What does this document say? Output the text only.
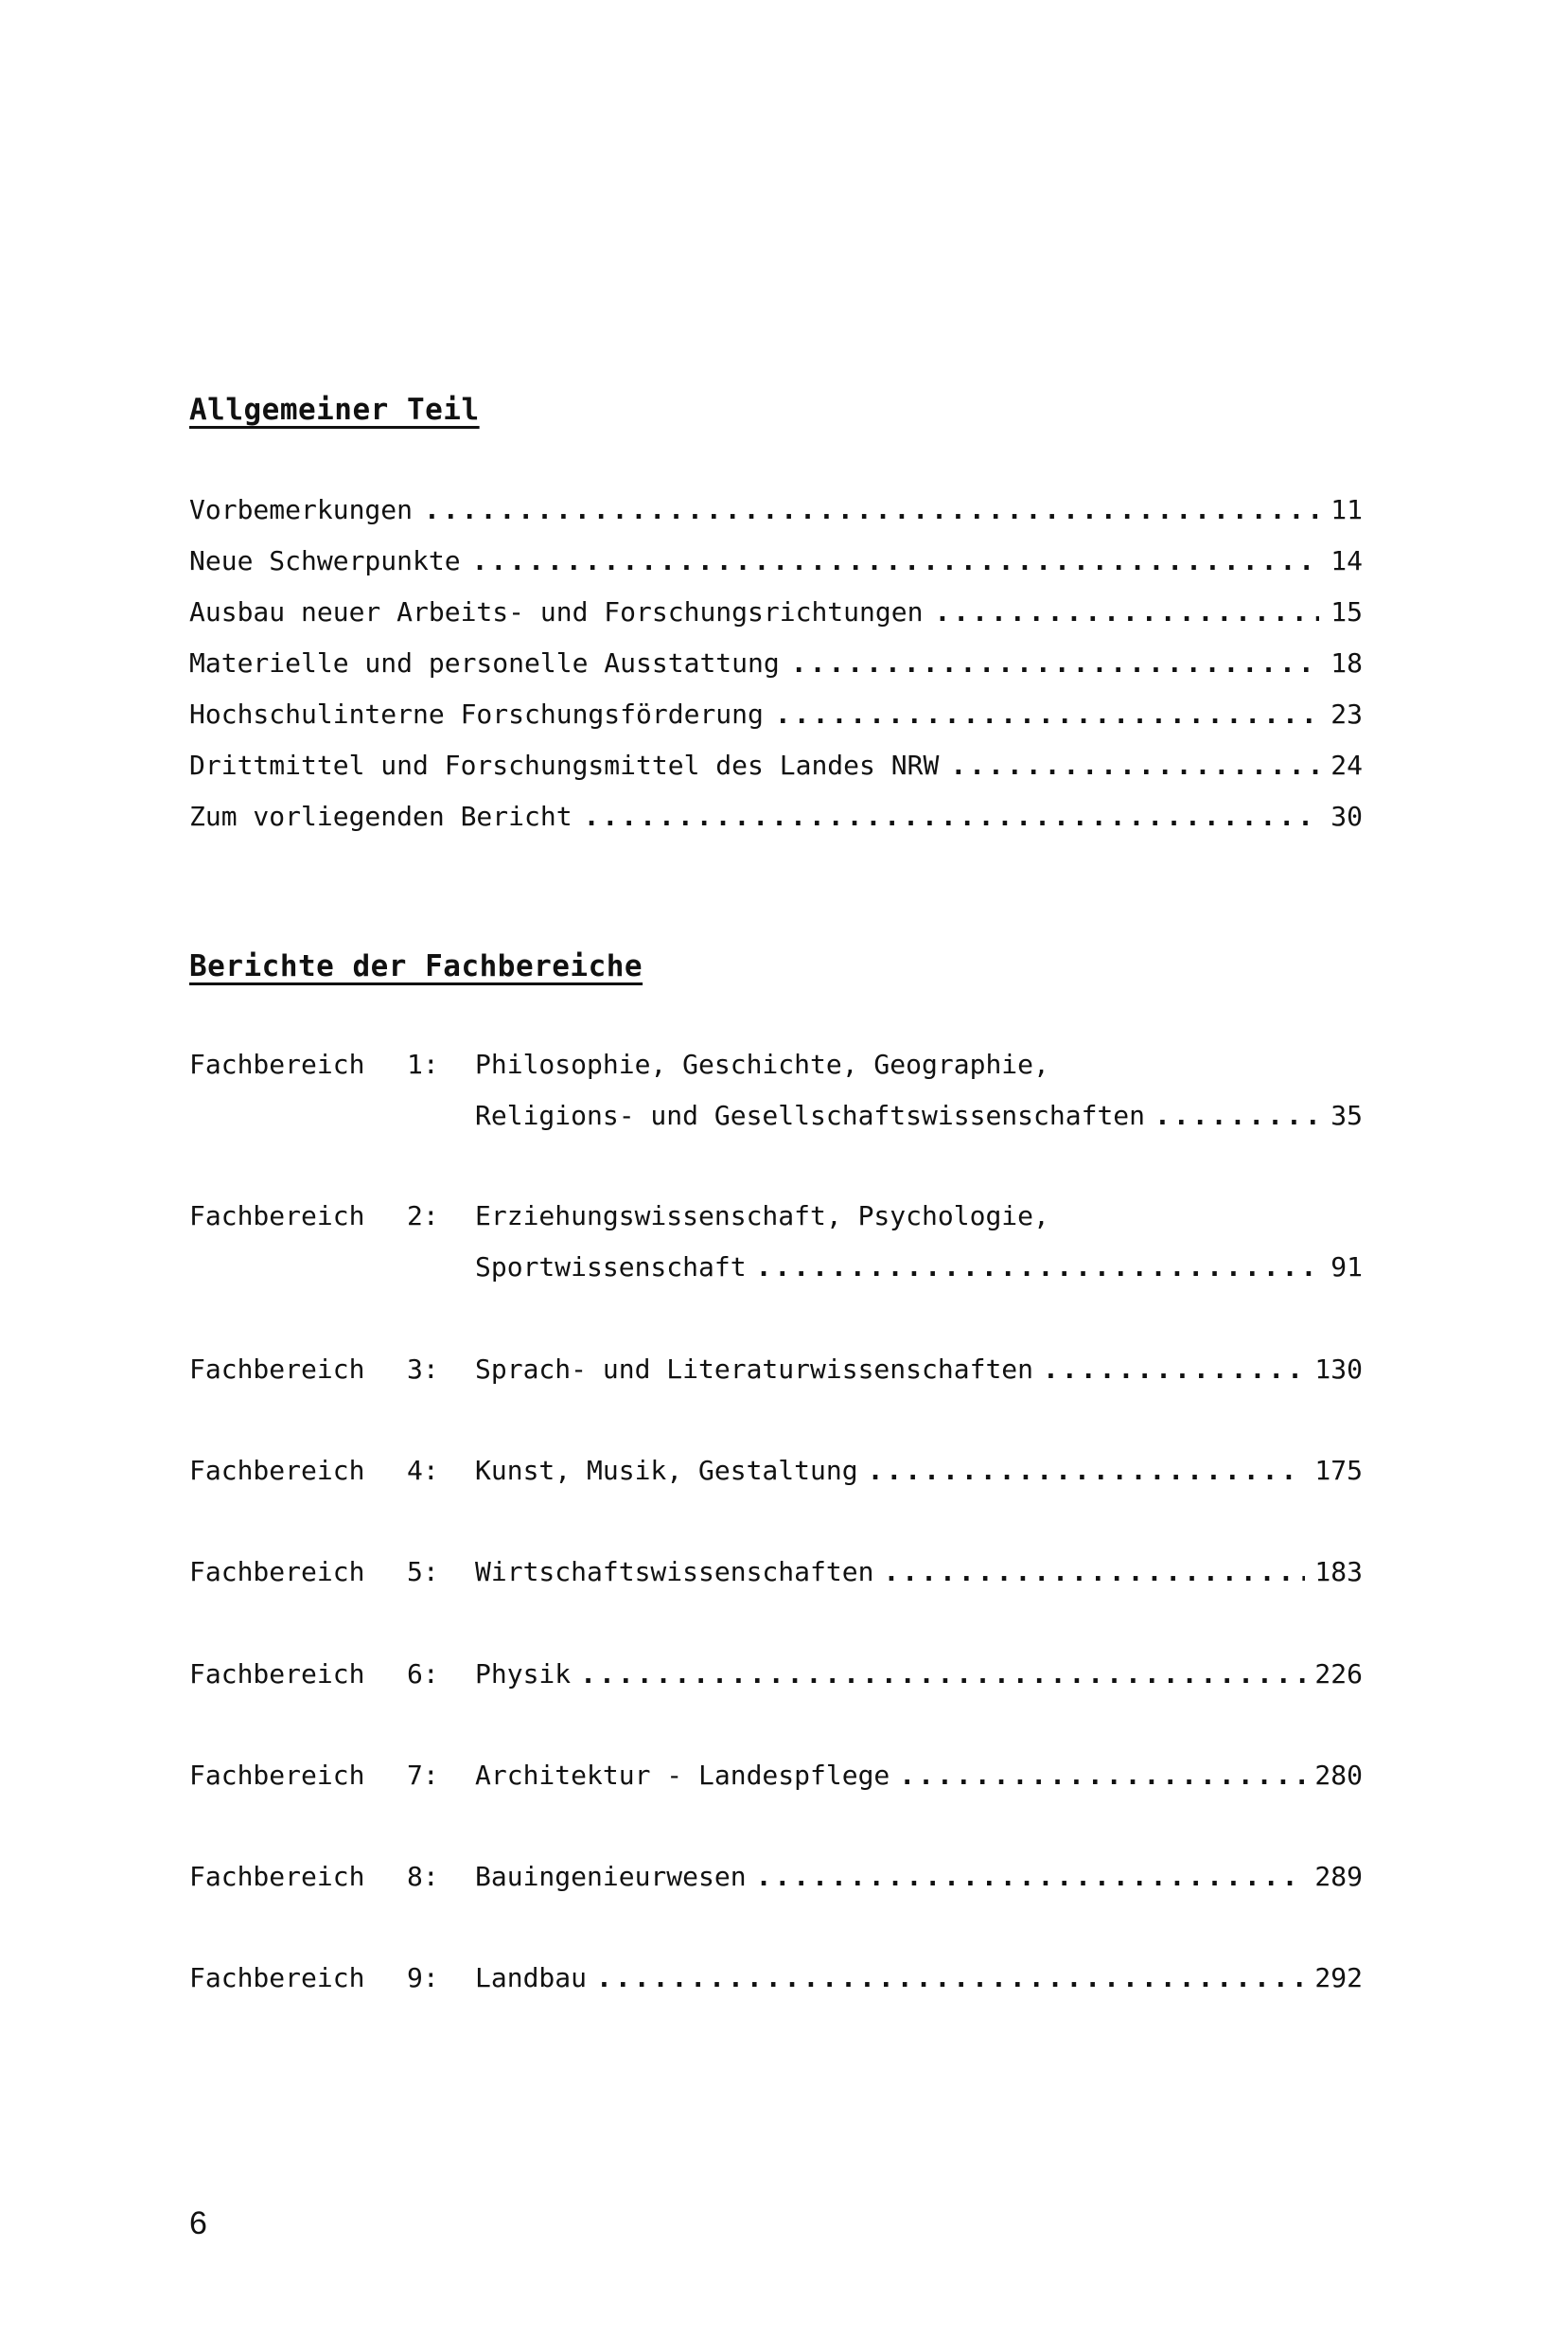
Allgemeiner Teil
Vorbemerkungen .....	11
Neue Schwerpunkte .....	14
Ausbau neuer Arbeits- und Forschungsrichtungen .....	15
Materielle und personelle Ausstattung .....	18
Hochschulinterne Forschungsförderung .....	23
Drittmittel und Forschungsmittel des Landes NRW .....	24
Zum vorliegenden Bericht .....	30
Berichte der Fachbereiche
Fachbereich	1:	Philosophie, Geschichte, Geographie,
Religions- und Gesellschaftswissenschaften .....	35
Fachbereich	2:	Erziehungswissenschaft, Psychologie,
Sportwissenschaft .....	91
Fachbereich	3:	Sprach- und Literaturwissenschaften .....	130
Fachbereich	4:	Kunst, Musik, Gestaltung .....	175
Fachbereich	5:	Wirtschaftswissenschaften .....	183
Fachbereich	6:	Physik .....	226
Fachbereich	7:	Architektur - Landespflege .....	280
Fachbereich	8:	Bauingenieurwesen .....	289
Fachbereich	9:	Landbau .....	292
6
